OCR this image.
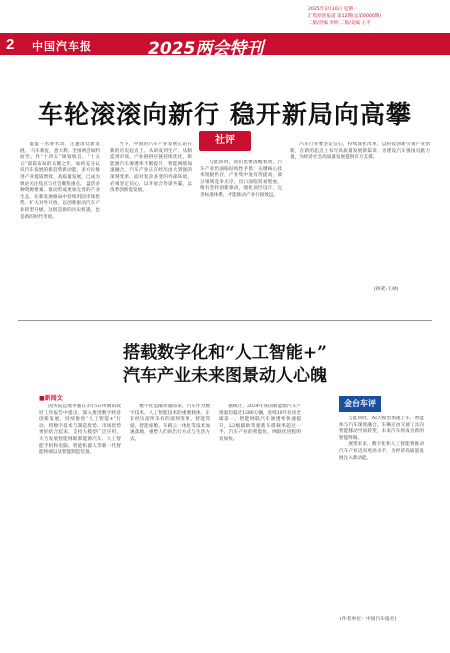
2025年3月10日 星期一
汇集原创报道 第12期(总第0000期)
二版/责编 李明 二版/美编 王平
2 中国汽车报	2025两会特刊
车轮滚滚向新行 稳开新局向高攀

盈盈一水春水动，正逢清廷新发展。 马车新征，意大利、全国两会如约而至。作“十四五”规划收官，“十五五”谋篇布局的关键之年，如何充分认识汽车发展的新趋势新动能，多方位推进产业提质增效、高质量发展，已成为舆论关注焦点与社会聚焦重点。 盘活多种资源要素，推动形成更加完善的产业生态，在新发展格局中持续巩固市场优势、扩大对外开放，以创新驱动汽车产业转型升级，这既是新的历史机遇，也是新的时代考验。

当下，中国的汽车产业发展正站在新的历史起点上。从研发到生产，从制造到市场，产业链供应链持续优化，新能源汽车渗透率不断提升，智能网联加速融合，汽车产业正在经历由大到强的深刻变革。面对复杂多变的外部环境，必须坚定信心，以开放合作谋共赢，以改革创新促发展。

社评

与此同时，我们也要清醒看到，汽车产业仍面临结构性矛盾：关键核心技术短板仍存，产业集中度有待提高，部分领域竞争无序，出口面临贸易壁垒。唯有坚持创新驱动，强化顶层设计，完善标准体系，才能推动产业行稳致远。

汽车行业要坚定信心，持续深化改革，以科技创新引领产业创新，在新的起点上书写高质量发展新篇章，为建设汽车强国贡献力量，为经济社会高质量发展提供有力支撑。

(执笔:王禄)
搭载数字化和“人工智能+”
汽车产业未来图景动人心魄
■新闻文

国务院总理李强在3月5日所做的政府工作报告中提出，深入推进数字经济创新发展，持续推进“人工智能+”行动，将数字技术与制造优势、市场优势更好结合起来，支持大模型广泛应用，大力发展智能网联新能源汽车、人工智能手机和电脑、智能机器人等新一代智能终端以及智能制造装备。

数字化浪潮奔涌而来。汽车作为数字技术、人工智能技术的重要载体，正在经历前所未有的深刻变革。智能驾驶、智能座舱、车路云一体化等技术加速落地，重塑人们的出行方式与生活方式。

据统计，2024年我国新能源汽车产销量均超过1280万辆，连续10年位居全球第一。智能网联汽车渗透率快速提升，L2级辅助驾驶新车搭载率超过一半，汽车产业的智能化、网联化进程明显加快。

金台车评

与此同时，AI大模型加速上车，智能体与汽车深度融合，车辆正由交通工具向智能移动空间转变，未来汽车将成为新的智能终端。

展望未来，数字化和人工智能将推动汽车产业迈向更高水平，为经济高质量发展注入新动能。

(作者单位：中国汽车报社)
